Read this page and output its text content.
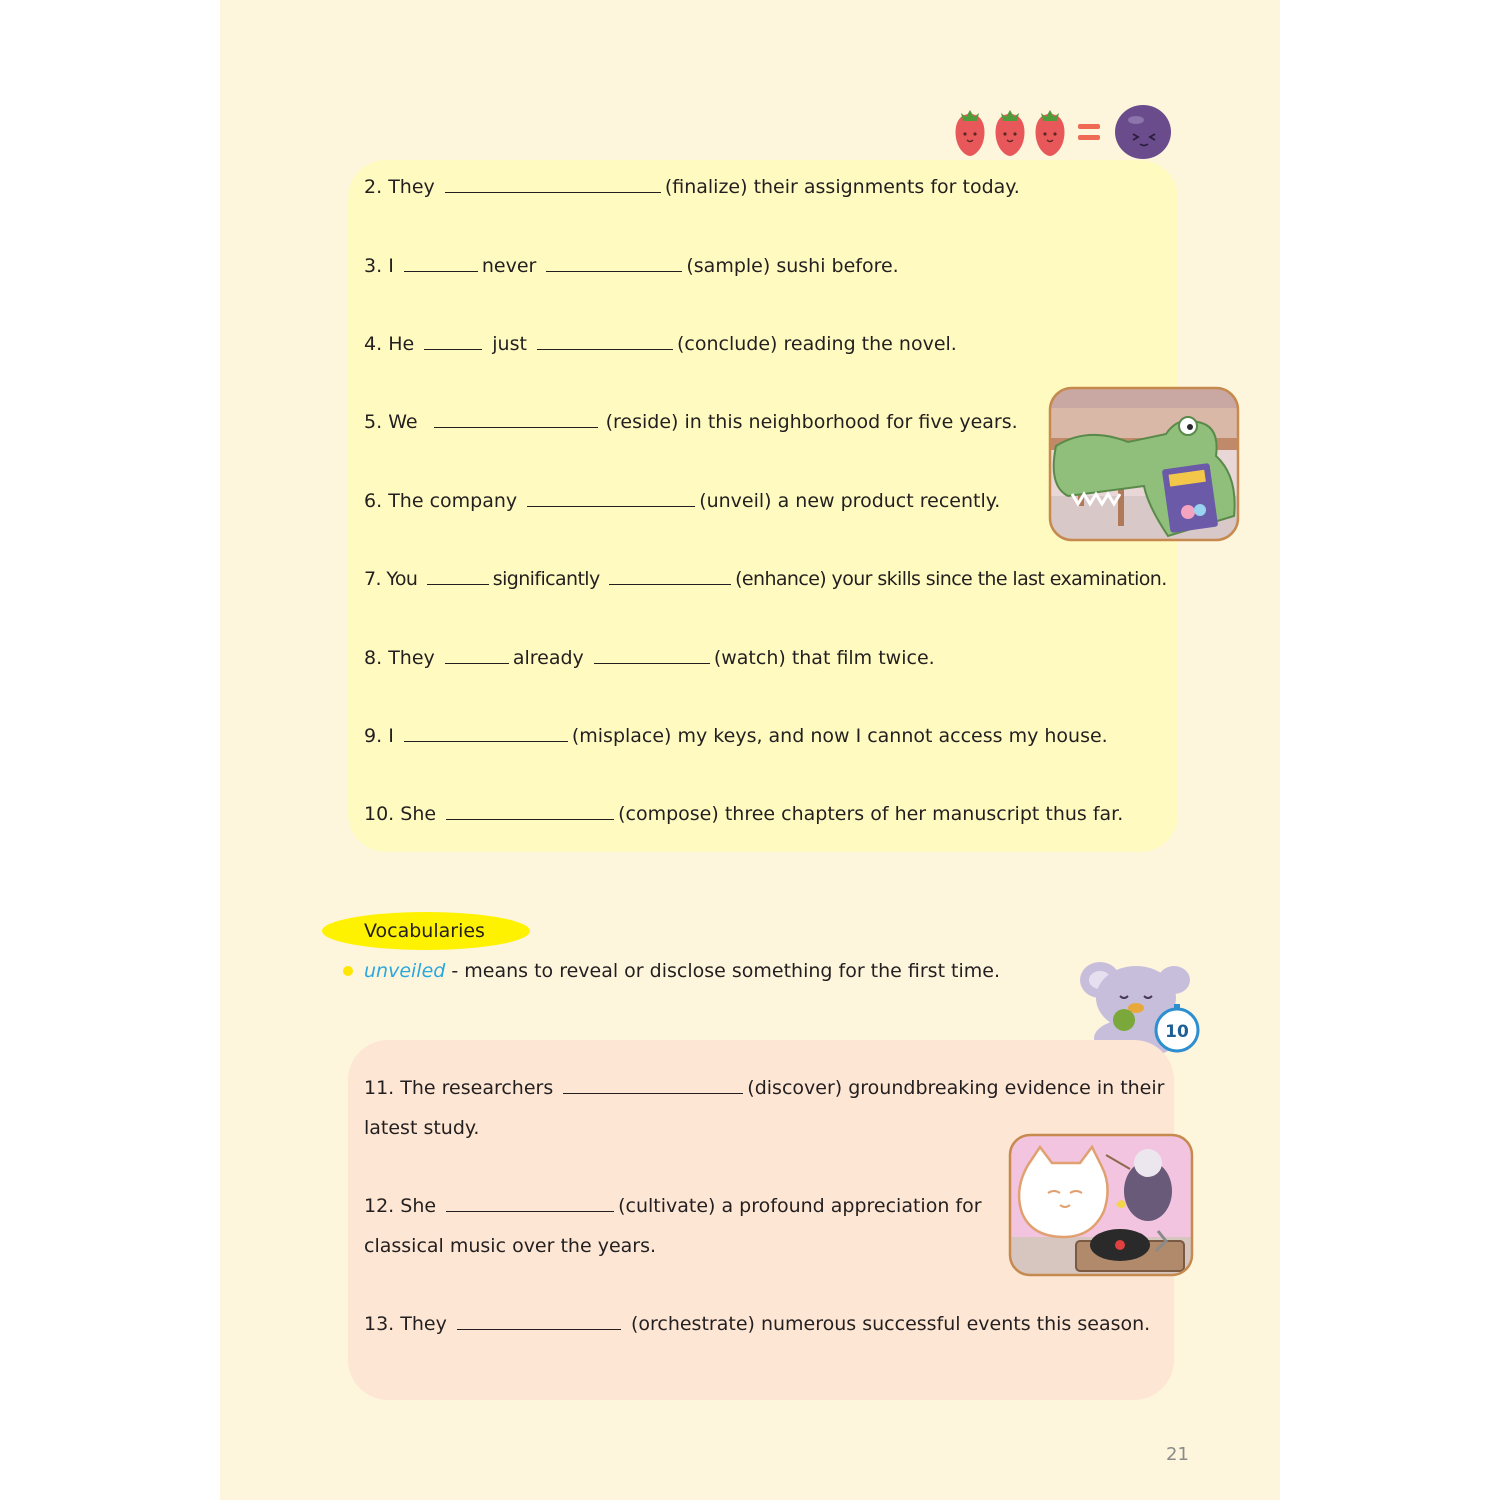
2. They	(finalize) their assignments for today.
3. I	never	(sample) sushi before.
4. He	just	(conclude) reading the novel.
5. We	(reside) in this neighborhood for five years.
6. The company	(unveil) a new product recently.
7. You	significantly	(enhance) your skills since the last examination.
8. They	already	(watch) that film twice.
9. I	(misplace) my keys, and now I cannot access my house.
10. She	(compose) three chapters of her manuscript thus far.
Vocabularies
unveiled - means to reveal or disclose something for the first time.
10
11. The researchers	(discover) groundbreaking evidence in their
latest study.
12. She	(cultivate) a profound appreciation for
classical music over the years.
13. They	(orchestrate) numerous successful events this season.
21
